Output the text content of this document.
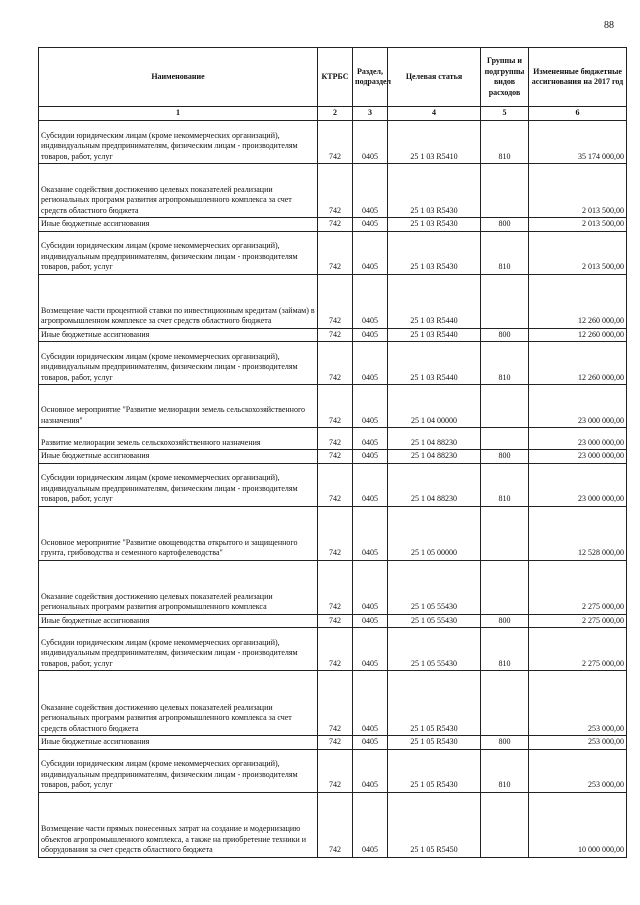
88
Наименование	КТРБС	Раздел, подраздел	Целевая статья	Группы и подгруппы видов расходов	Измененные бюджетные ассигнования на 2017 год
1	2	3	4	5	6
Субсидии юридическим лицам (кроме некоммерческих организаций), индивидуальным предпринимателям, физическим лицам - производителям товаров, работ, услуг	742	0405	25 1 03 R5410	810	35 174 000,00
Оказание содействия достижению целевых показателей реализации региональных программ развития агропромышленного комплекса за счет средств областного бюджета	742	0405	25 1 03 R5430		2 013 500,00
Иные бюджетные ассигнования	742	0405	25 1 03 R5430	800	2 013 500,00
Субсидии юридическим лицам (кроме некоммерческих организаций), индивидуальным предпринимателям, физическим лицам - производителям товаров, работ, услуг	742	0405	25 1 03 R5430	810	2 013 500,00
Возмещение части процентной ставки по инвестиционным кредитам (займам) в агропромышленном комплексе за счет средств областного бюджета	742	0405	25 1 03 R5440		12 260 000,00
Иные бюджетные ассигнования	742	0405	25 1 03 R5440	800	12 260 000,00
Субсидии юридическим лицам (кроме некоммерческих организаций), индивидуальным предпринимателям, физическим лицам - производителям товаров, работ, услуг	742	0405	25 1 03 R5440	810	12 260 000,00
Основное мероприятие "Развитие мелиорации земель сельскохозяйственного назначения"	742	0405	25 1 04 00000		23 000 000,00
Развитие мелиорации земель сельскохозяйственного назначения	742	0405	25 1 04 88230		23 000 000,00
Иные бюджетные ассигнования	742	0405	25 1 04 88230	800	23 000 000,00
Субсидии юридическим лицам (кроме некоммерческих организаций), индивидуальным предпринимателям, физическим лицам - производителям товаров, работ, услуг	742	0405	25 1 04 88230	810	23 000 000,00
Основное мероприятие "Развитие овощеводства открытого и защищенного грунта, грибоводства и семенного картофелеводства"	742	0405	25 1 05 00000		12 528 000,00
Оказание содействия достижению целевых показателей реализации региональных программ развития агропромышленного комплекса	742	0405	25 1 05 55430		2 275 000,00
Иные бюджетные ассигнования	742	0405	25 1 05 55430	800	2 275 000,00
Субсидии юридическим лицам (кроме некоммерческих организаций), индивидуальным предпринимателям, физическим лицам - производителям товаров, работ, услуг	742	0405	25 1 05 55430	810	2 275 000,00
Оказание содействия достижению целевых показателей реализации региональных программ развития агропромышленного комплекса за счет средств областного бюджета	742	0405	25 1 05 R5430		253 000,00
Иные бюджетные ассигнования	742	0405	25 1 05 R5430	800	253 000,00
Субсидии юридическим лицам (кроме некоммерческих организаций), индивидуальным предпринимателям, физическим лицам - производителям товаров, работ, услуг	742	0405	25 1 05 R5430	810	253 000,00
Возмещение части прямых понесенных затрат на создание и модернизацию объектов агропромышленного комплекса, а также на приобретение техники и оборудования за счет средств областного бюджета	742	0405	25 1 05 R5450		10 000 000,00
